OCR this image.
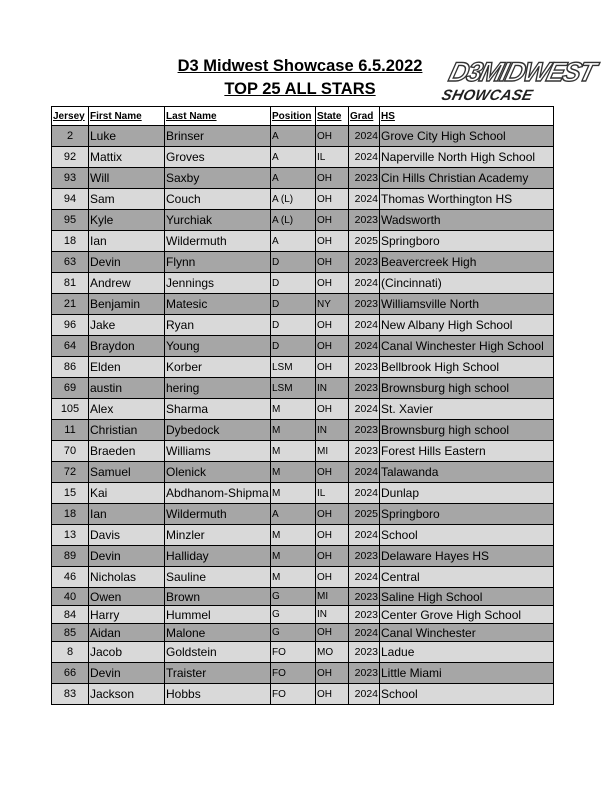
D3 Midwest Showcase 6.5.2022
TOP 25 ALL STARS
D3MIDWEST
SHOWCASE
Jersey	First Name	Last Name	Position	State	Grad	HS
2	Luke	Brinser	A	OH	2024	Grove City High School
92	Mattix	Groves	A	IL	2024	Naperville North High School
93	Will	Saxby	A	OH	2023	Cin Hills Christian Academy
94	Sam	Couch	A (L)	OH	2024	Thomas Worthington HS
95	Kyle	Yurchiak	A (L)	OH	2023	Wadsworth
18	Ian	Wildermuth	A	OH	2025	Springboro
63	Devin	Flynn	D	OH	2023	Beavercreek High
81	Andrew	Jennings	D	OH	2024	(Cincinnati)
21	Benjamin	Matesic	D	NY	2023	Williamsville North
96	Jake	Ryan	D	OH	2024	New Albany High School
64	Braydon	Young	D	OH	2024	Canal Winchester High School
86	Elden	Korber	LSM	OH	2023	Bellbrook High School
69	austin	hering	LSM	IN	2023	Brownsburg high school
105	Alex	Sharma	M	OH	2024	St. Xavier
11	Christian	Dybedock	M	IN	2023	Brownsburg high school
70	Braeden	Williams	M	MI	2023	Forest Hills Eastern
72	Samuel	Olenick	M	OH	2024	Talawanda
15	Kai	Abdhanom-Shipma	M	IL	2024	Dunlap
18	Ian	Wildermuth	A	OH	2025	Springboro
13	Davis	Minzler	M	OH	2024	School
89	Devin	Halliday	M	OH	2023	Delaware Hayes HS
46	Nicholas	Sauline	M	OH	2024	Central
40	Owen	Brown	G	MI	2023	Saline High School
84	Harry	Hummel	G	IN	2023	Center Grove High School
85	Aidan	Malone	G	OH	2024	Canal Winchester
8	Jacob	Goldstein	FO	MO	2023	Ladue
66	Devin	Traister	FO	OH	2023	Little Miami
83	Jackson	Hobbs	FO	OH	2024	School
